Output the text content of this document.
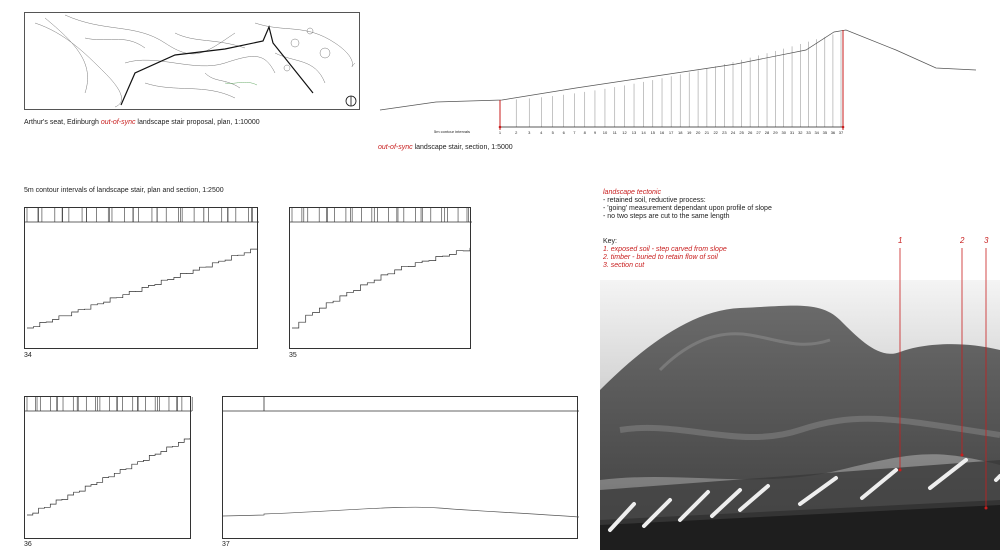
Arthur's seat, Edinburgh out-of-sync landscape stair proposal, plan, 1:10000
1	2	3 4 5 6 7 8 9 10 11 12 13 14 15 16 17 18 19 20 21 22 23 24 25 26 27 28 29 30 31 32 33 34 35 36 37
5m contour intervals
out-of-sync landscape stair, section, 1:5000
5m contour intervals of landscape stair, plan and section, 1:2500
34	35
36	37
landscape tectonic
- retained soil, reductive process:
- 'going' measurement dependant upon profile of slope
- no two steps are cut to the same length
Key:
1. exposed soil - step carved from slope
2. timber - buried to retain flow of soil
3. section cut
1	2 3
